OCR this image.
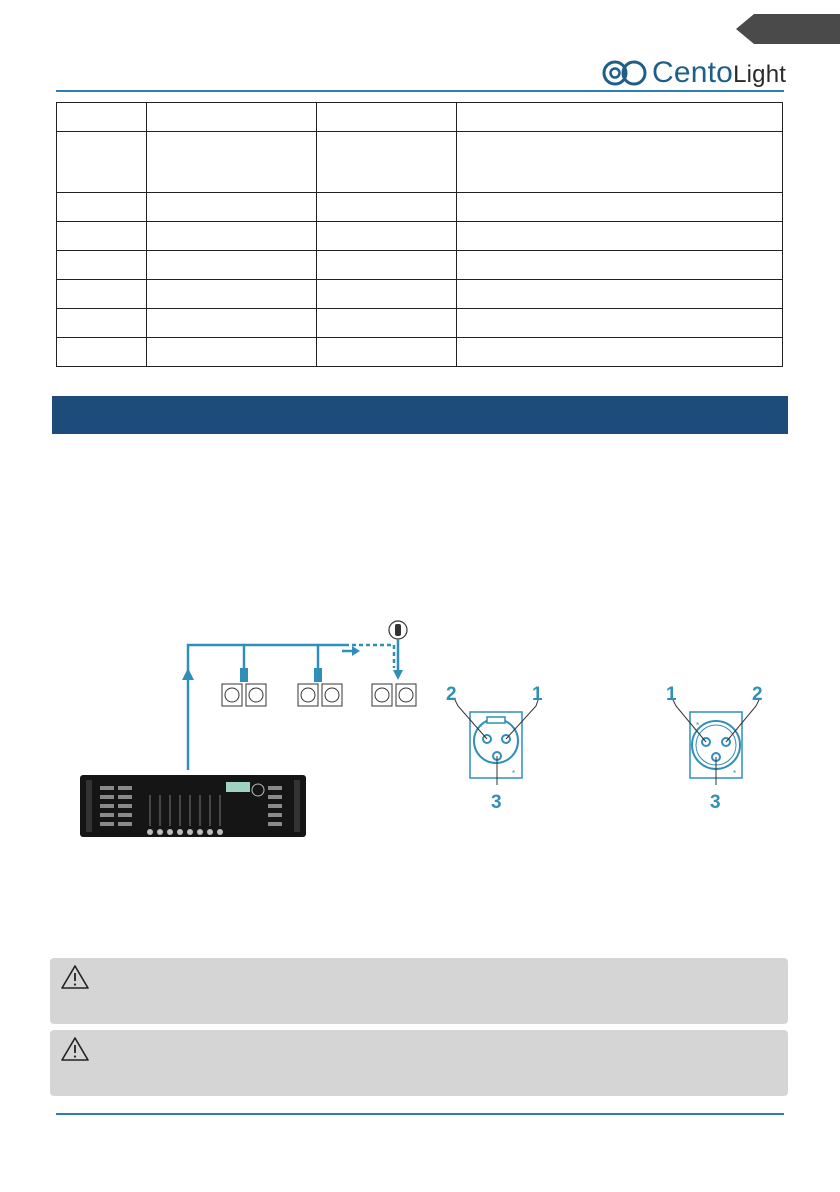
CentoLight

*
*
2	1
3
*
*
1	2
3
